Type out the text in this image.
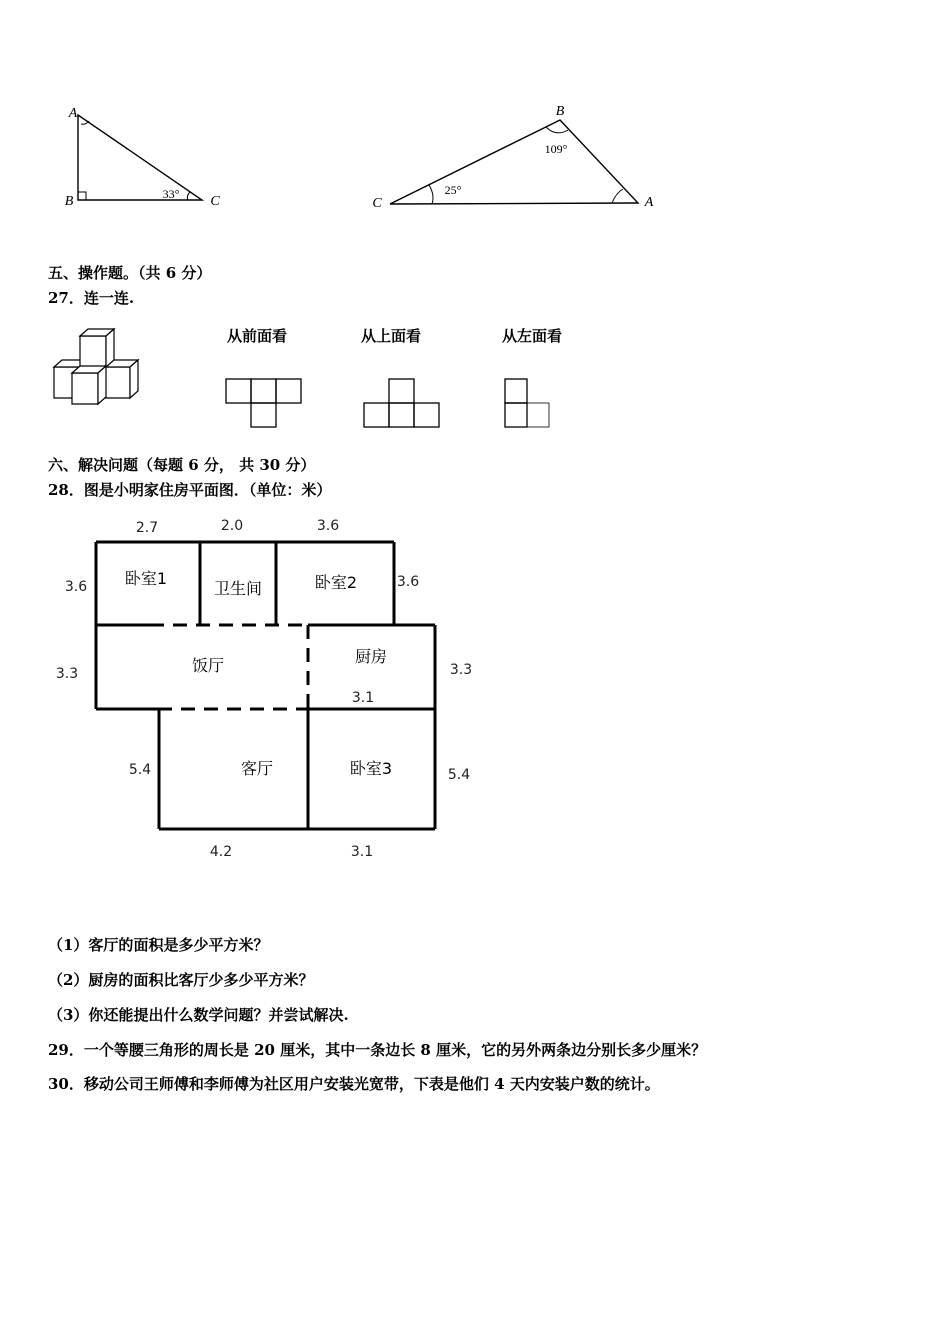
A
B	C
33°
B
C	A
109°
25°
五、操作题。（共 6 分）
27．连一连.
从前面看	从上面看	从左面看
六、解决问题（每题 6 分， 共 30 分）
28．图是小明家住房平面图．（单位：米）
卧室1
卫生间	卧室2
饭厅	厨房
客厅	卧室3
2.7	2.0	3.6
3.6	3.6
3.3	3.3
3.1
5.4	5.4
4.2	3.1
（1）客厅的面积是多少平方米？
（2）厨房的面积比客厅少多少平方米？
（3）你还能提出什么数学问题？并尝试解决.
29．一个等腰三角形的周长是 20 厘米，其中一条边长 8 厘米，它的另外两条边分别长多少厘米？
30．移动公司王师傅和李师傅为社区用户安装光宽带，下表是他们 4 天内安装户数的统计。
